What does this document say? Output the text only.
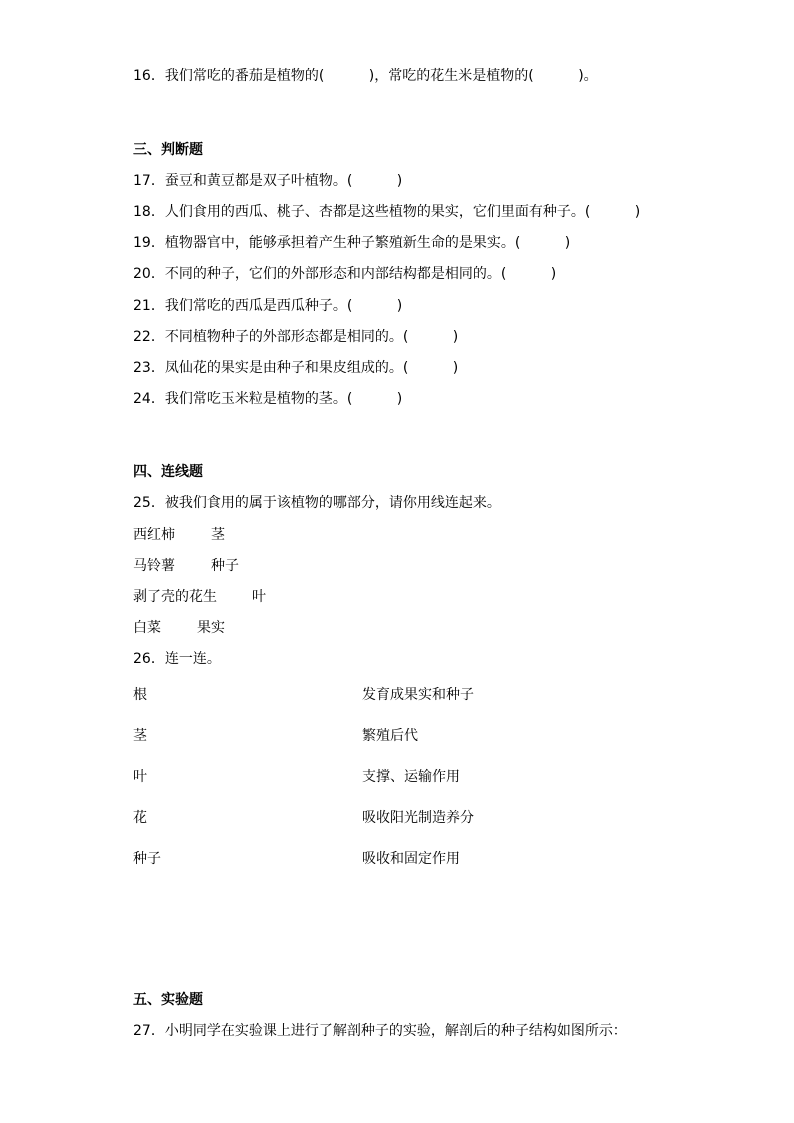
16．我们常吃的番茄是植物的(          )，常吃的花生米是植物的(          )。
三、判断题
17．蚕豆和黄豆都是双子叶植物。(          )
18．人们食用的西瓜、桃子、杏都是这些植物的果实，它们里面有种子。(          )
19．植物器官中，能够承担着产生种子繁殖新生命的是果实。(          )
20．不同的种子，它们的外部形态和内部结构都是相同的。(          )
21．我们常吃的西瓜是西瓜种子。(          )
22．不同植物种子的外部形态都是相同的。(          )
23．凤仙花的果实是由种子和果皮组成的。(          )
24．我们常吃玉米粒是植物的茎。(          )
四、连线题
25．被我们食用的属于该植物的哪部分，请你用线连起来。
西红柿	茎
马铃薯	种子
剥了壳的花生	叶
白菜	果实
26．连一连。
根	发育成果实和种子
茎	繁殖后代
叶	支撑、运输作用
花	吸收阳光制造养分
种子	吸收和固定作用
五、实验题
27．小明同学在实验课上进行了解剖种子的实验，解剖后的种子结构如图所示：
